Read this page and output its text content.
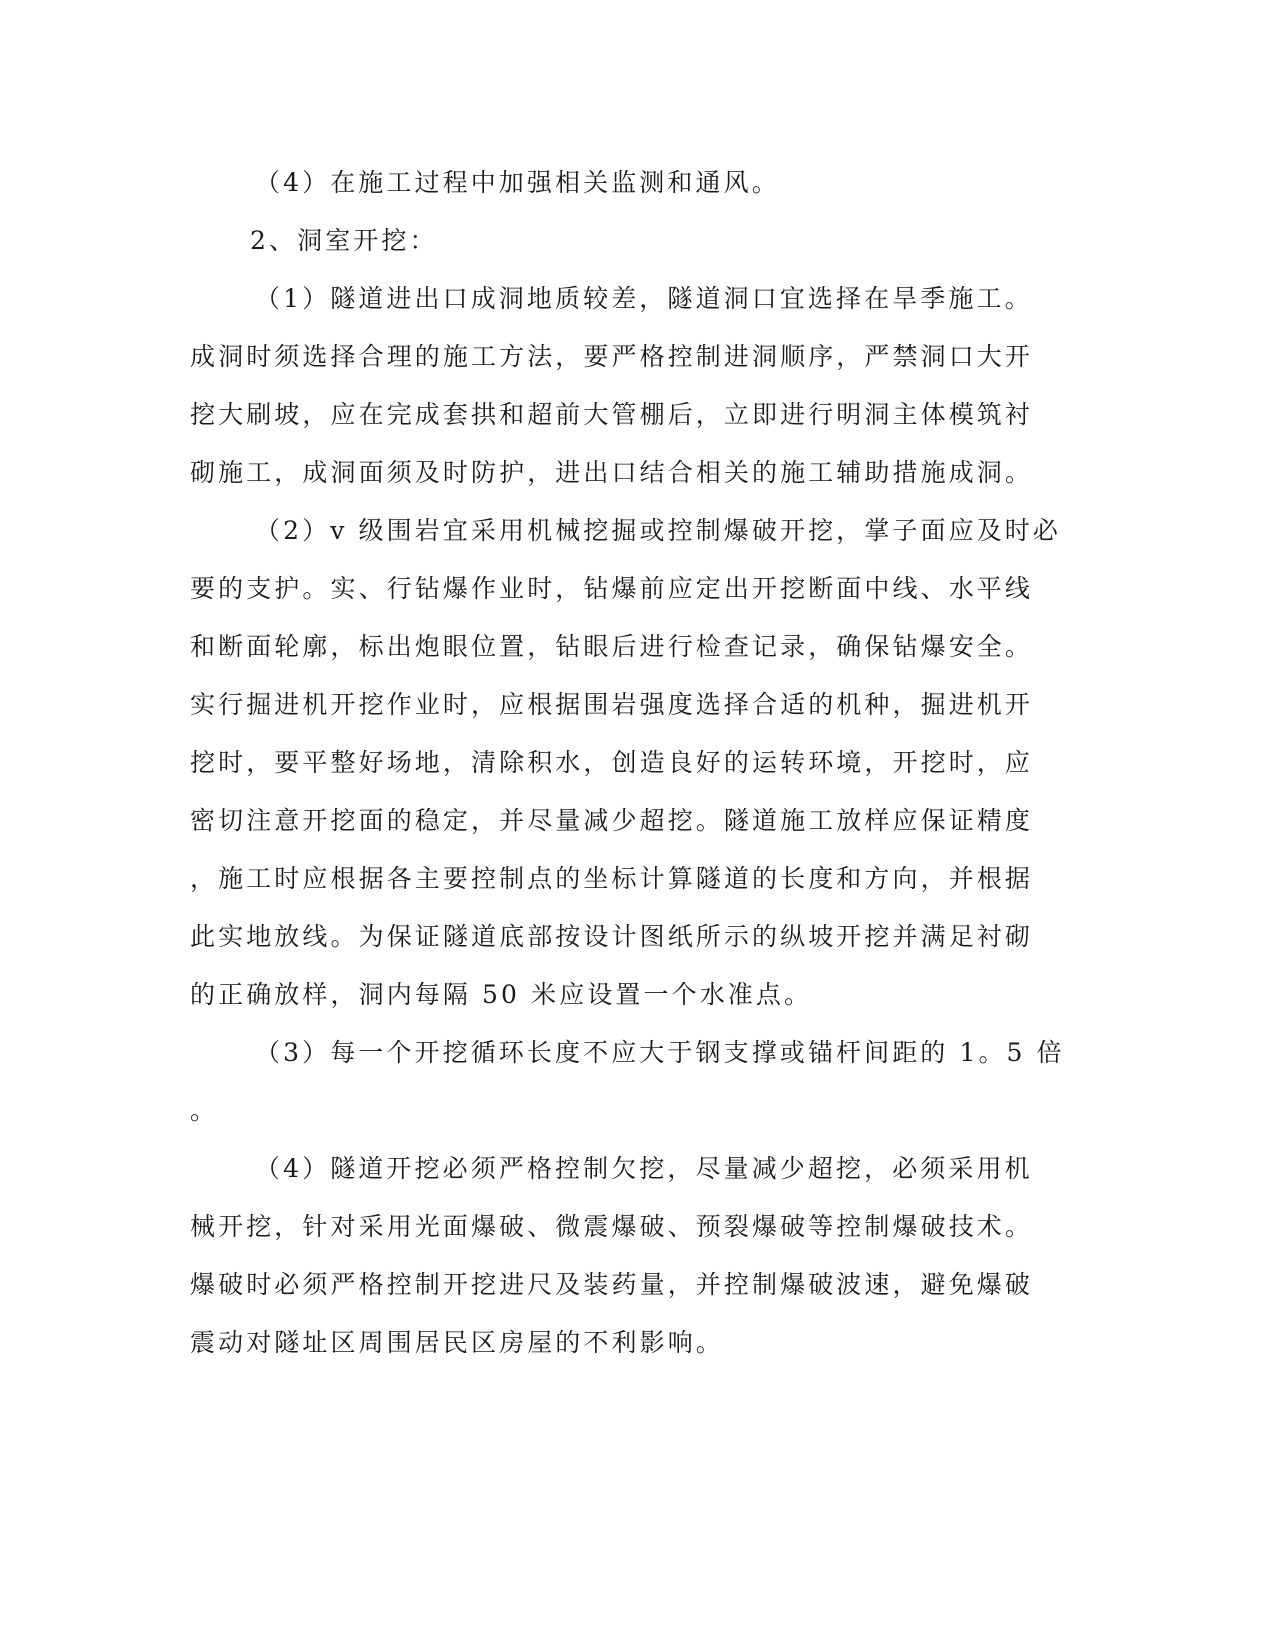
（4）在施工过程中加强相关监测和通风。
2、洞室开挖：
（1）隧道进出口成洞地质较差，隧道洞口宜选择在旱季施工。
成洞时须选择合理的施工方法，要严格控制进洞顺序，严禁洞口大开
挖大刷坡，应在完成套拱和超前大管棚后，立即进行明洞主体模筑衬
砌施工，成洞面须及时防护，进出口结合相关的施工辅助措施成洞。
（2）v 级围岩宜采用机械挖掘或控制爆破开挖，掌子面应及时必
要的支护。实、行钻爆作业时，钻爆前应定出开挖断面中线、水平线
和断面轮廓，标出炮眼位置，钻眼后进行检查记录，确保钻爆安全。
实行掘进机开挖作业时，应根据围岩强度选择合适的机种，掘进机开
挖时，要平整好场地，清除积水，创造良好的运转环境，开挖时，应
密切注意开挖面的稳定，并尽量减少超挖。隧道施工放样应保证精度
，施工时应根据各主要控制点的坐标计算隧道的长度和方向，并根据
此实地放线。为保证隧道底部按设计图纸所示的纵坡开挖并满足衬砌
的正确放样，洞内每隔 50 米应设置一个水准点。
（3）每一个开挖循环长度不应大于钢支撑或锚杆间距的 1。5 倍
。
（4）隧道开挖必须严格控制欠挖，尽量减少超挖，必须采用机
械开挖，针对采用光面爆破、微震爆破、预裂爆破等控制爆破技术。
爆破时必须严格控制开挖进尺及装药量，并控制爆破波速，避免爆破
震动对隧址区周围居民区房屋的不利影响。
